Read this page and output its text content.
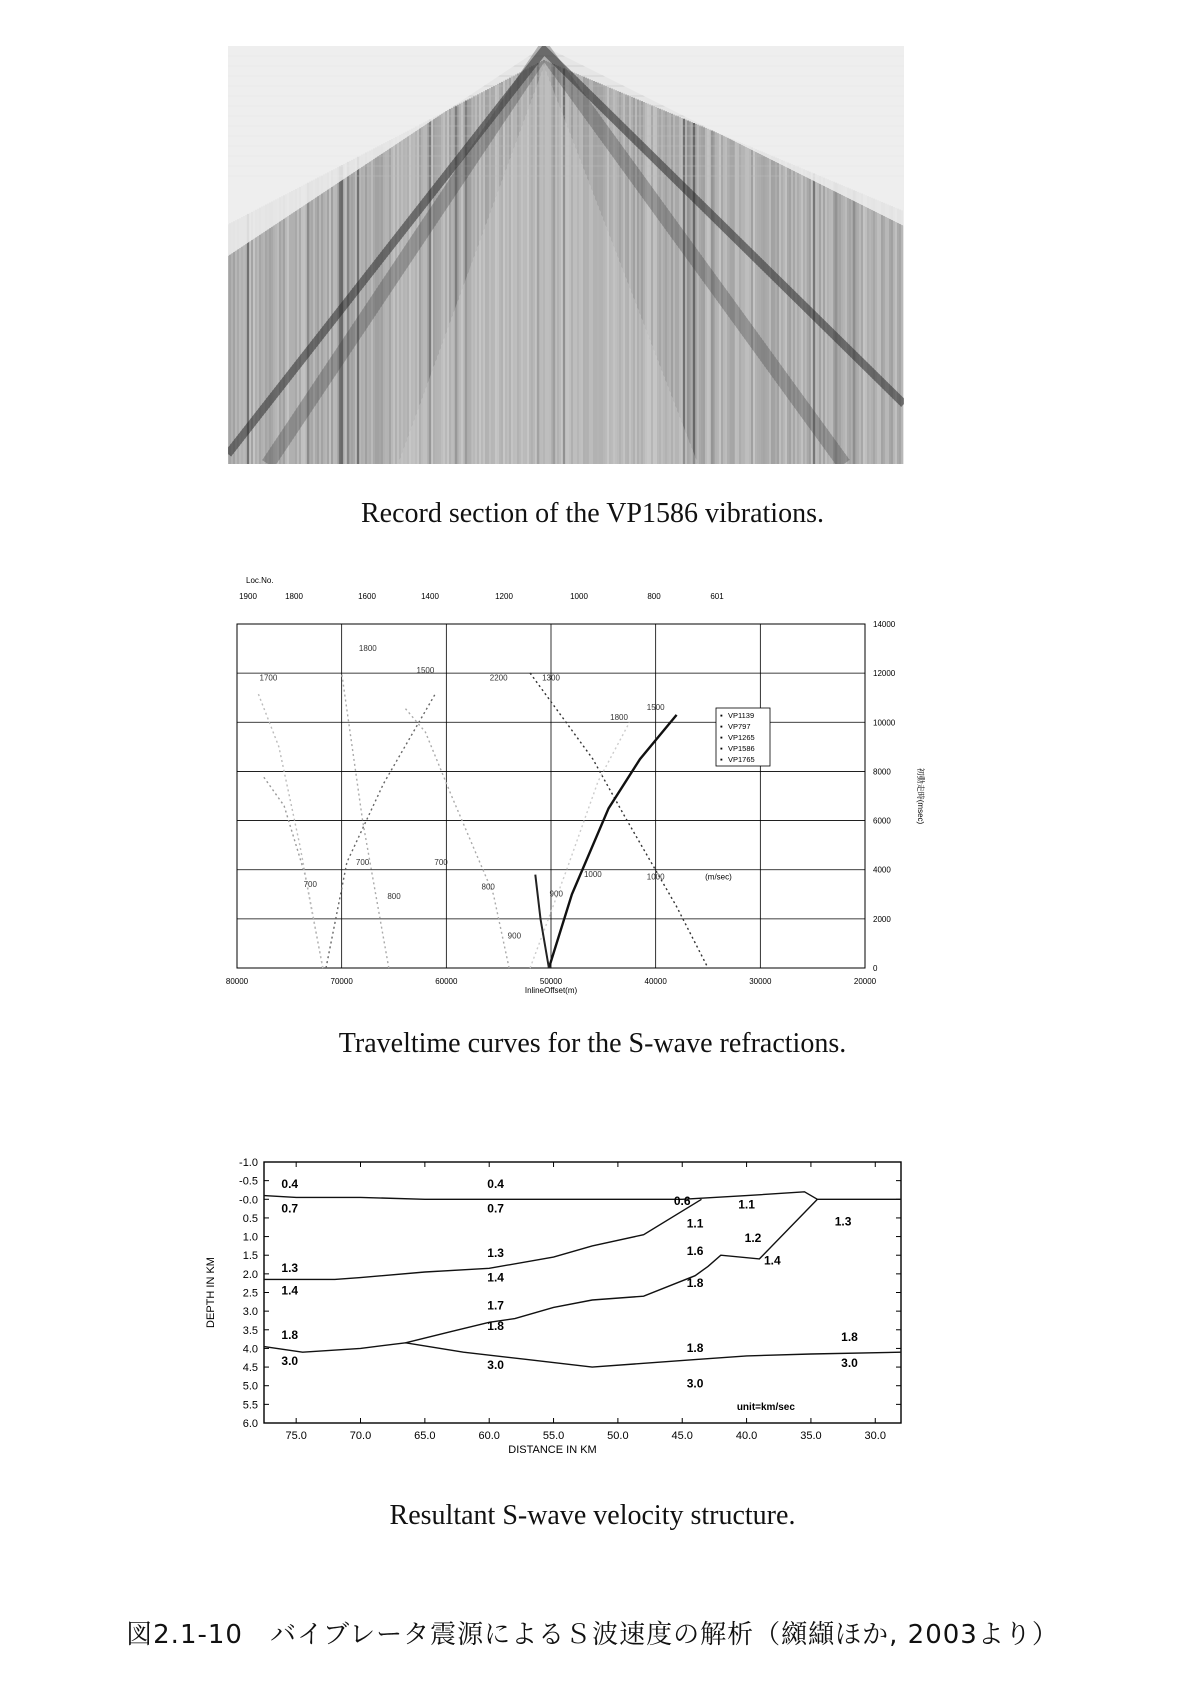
Record section of the VP1586 vibrations.
Loc.No.
1900	1800	1600	1400	1200	1000	800	601
80000	70000	60000	50000	40000	30000	20000
InlineOffset(m)
0
2000
4000
6000
8000
10000
12000
14000
初動走時(msec)
1700
1800
1500
2200	1300
1800
1500
700	700
700
800
800
900
900
1000	1000	(m/sec)
▪ VP1139
▪ VP797
▪ VP1265
▪ VP1586
▪ VP1765
Traveltime curves for the S-wave refractions.
-1.0
-0.5
-0.0
0.5
1.0
1.5
2.0
2.5
3.0
3.5
4.0
4.5
5.0
5.5
6.0
75.0	70.0	65.0	60.0	55.0	50.0	45.0	40.0	35.0	30.0
DISTANCE IN KM
DEPTH IN KM
0.4
0.7
0.4
0.7
0.6
1.1
1.1
1.2
1.3
1.3
1.4
1.3
1.4
1.6
1.8
1.4
1.7
1.8
1.8
3.0	3.0
1.8
3.0
1.8
3.0
unit=km/sec
Resultant S-wave velocity structure.
図2.1-10　バイブレータ震源によるＳ波速度の解析（纐纈ほか, 2003より）
